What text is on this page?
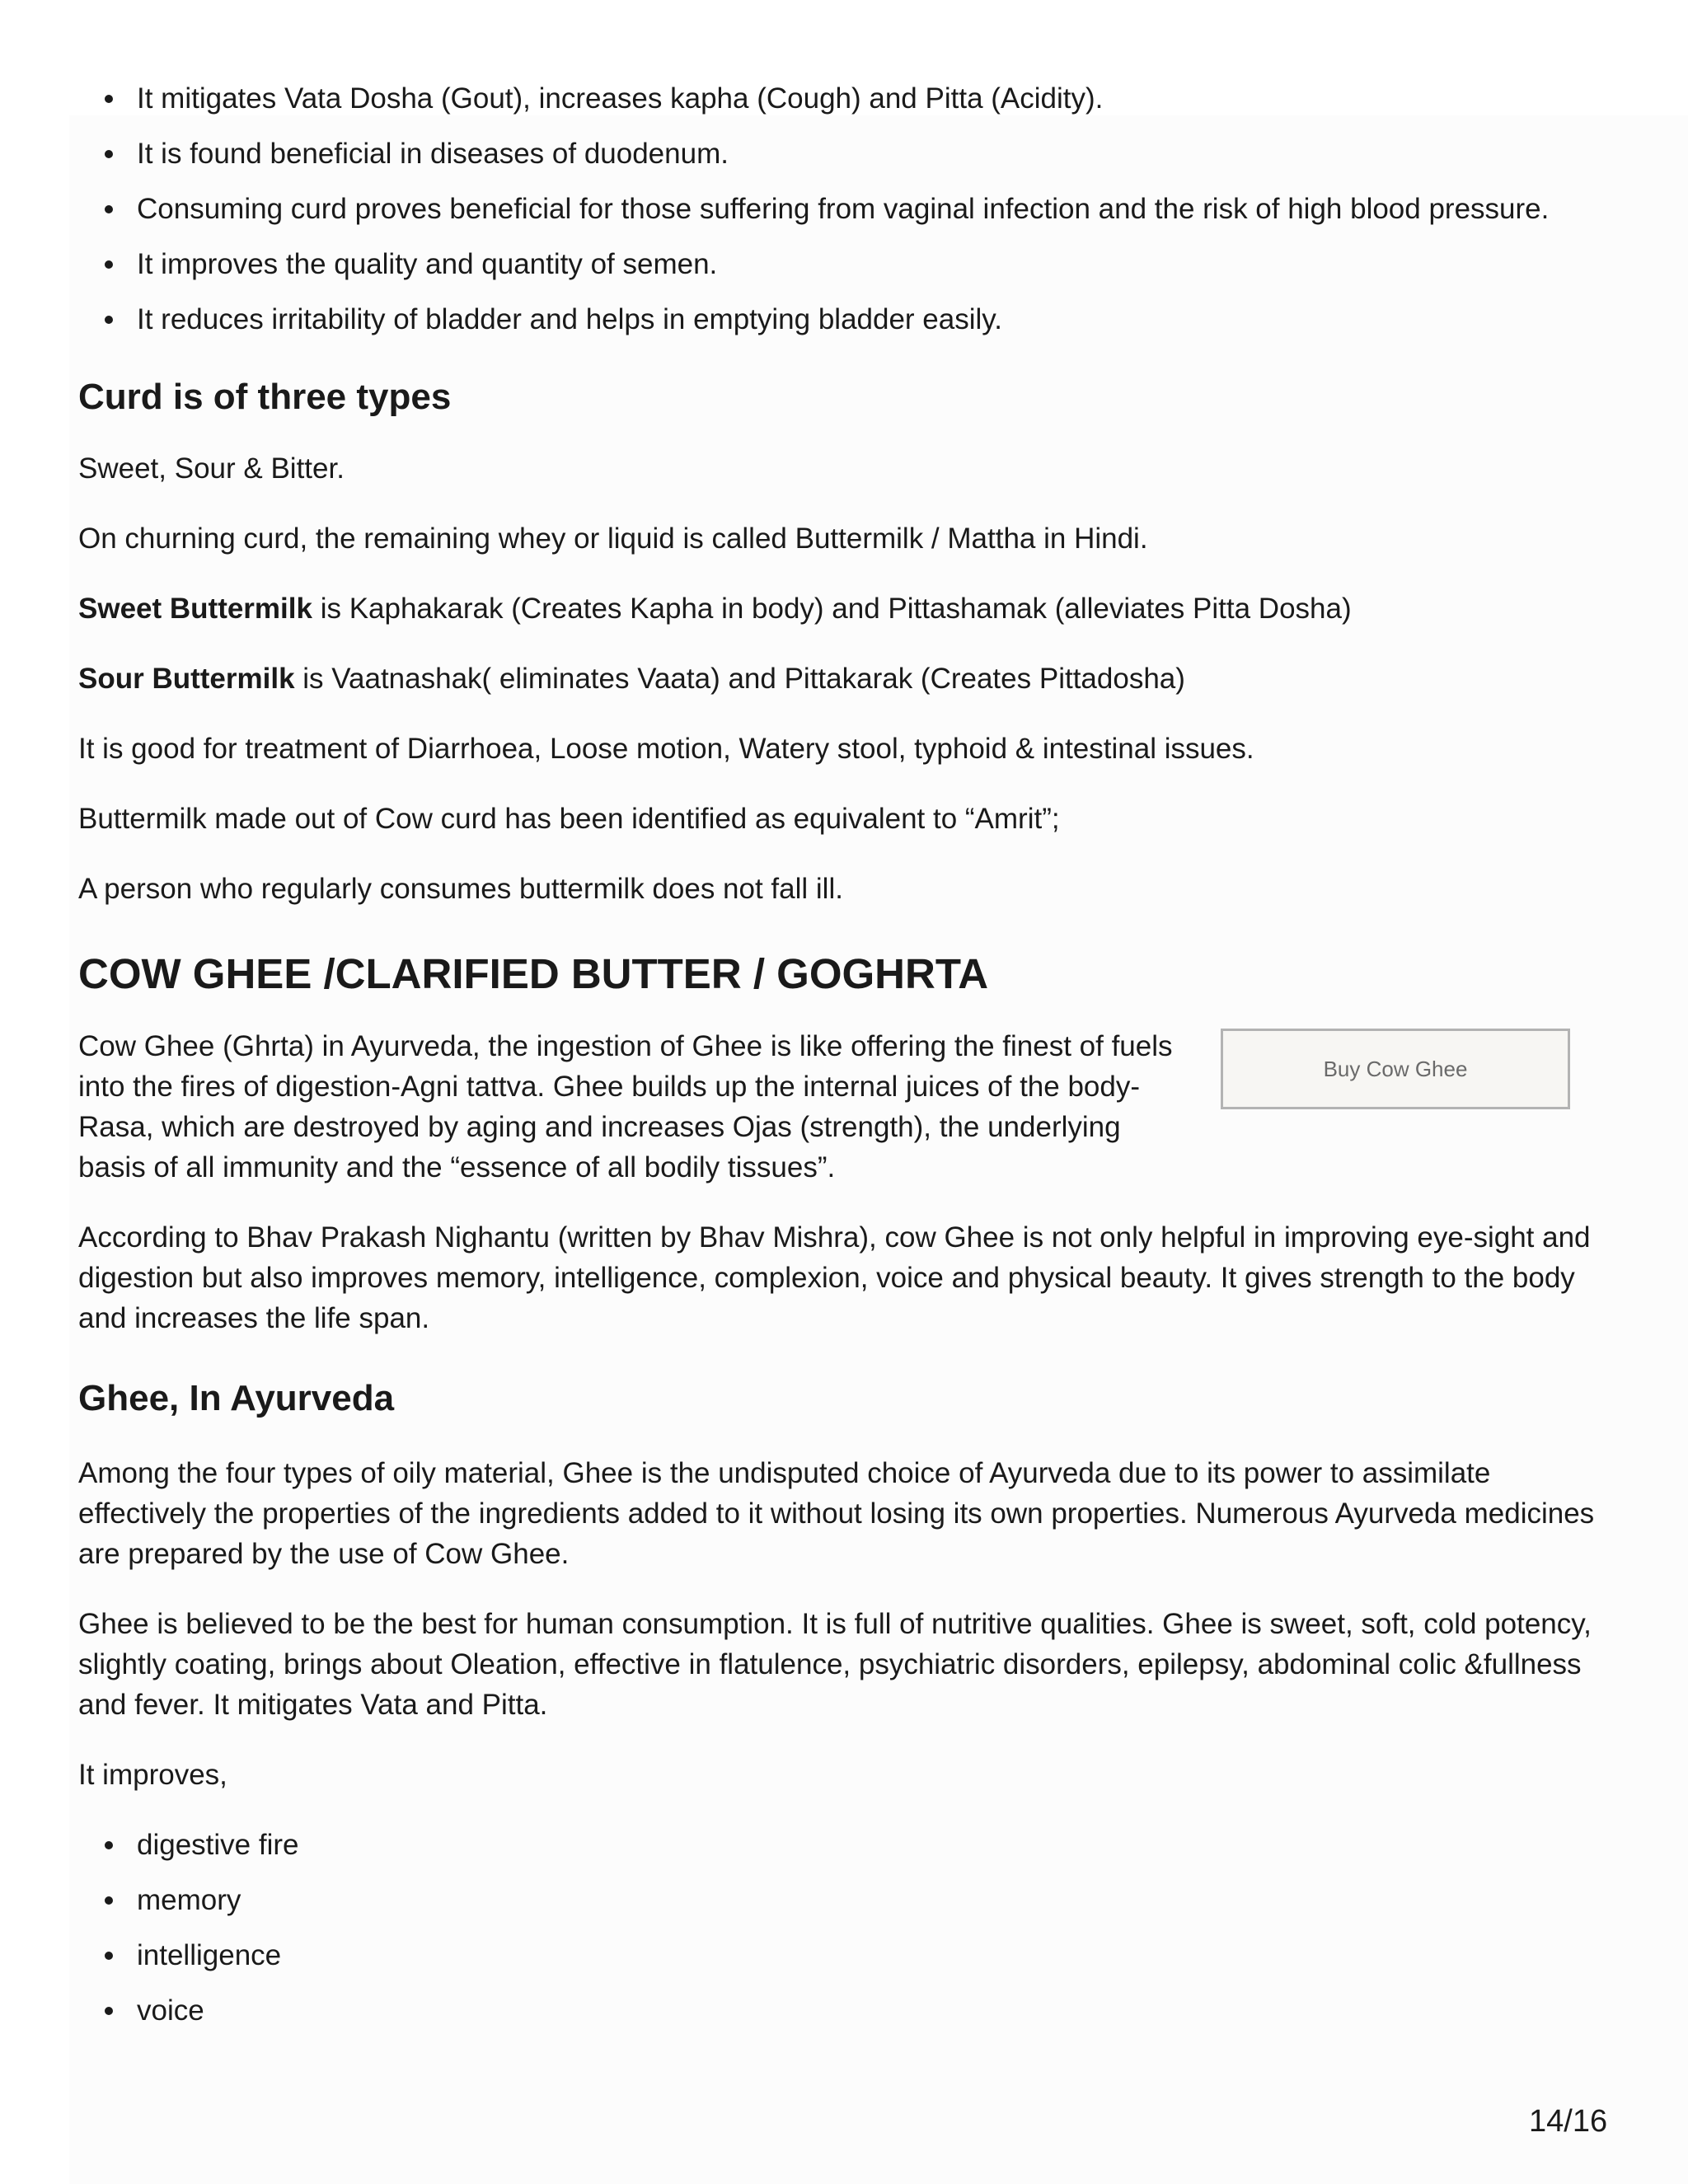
It mitigates Vata Dosha (Gout), increases kapha (Cough) and Pitta (Acidity).
It is found beneficial in diseases of duodenum.
Consuming curd proves beneficial for those suffering from vaginal infection and the risk of high blood pressure.
It improves the quality and quantity of semen.
It reduces irritability of bladder and helps in emptying bladder easily.
Curd is of three types

Sweet, Sour & Bitter.

On churning curd, the remaining whey or liquid is called Buttermilk / Mattha in Hindi.

Sweet Buttermilk is Kaphakarak (Creates Kapha in body) and Pittashamak (alleviates Pitta Dosha)

Sour Buttermilk is Vaatnashak( eliminates Vaata) and Pittakarak (Creates Pittadosha)

It is good for treatment of Diarrhoea, Loose motion, Watery stool, typhoid & intestinal issues.

Buttermilk made out of Cow curd has been identified as equivalent to “Amrit”;

A person who regularly consumes buttermilk does not fall ill.

COW GHEE /CLARIFIED BUTTER / GOGHRTA

Cow Ghee (Ghrta) in Ayurveda, the ingestion of Ghee is like offering the finest of fuels into the fires of digestion-Agni tattva. Ghee builds up the internal juices of the body-Rasa, which are destroyed by aging and increases Ojas (strength), the underlying basis of all immunity and the “essence of all bodily tissues”.

Buy Cow Ghee

According to Bhav Prakash Nighantu (written by Bhav Mishra), cow Ghee is not only helpful in improving eye-sight and digestion but also improves memory, intelligence, complexion, voice and physical beauty. It gives strength to the body and increases the life span.

Ghee, In Ayurveda

Among the four types of oily material, Ghee is the undisputed choice of Ayurveda due to its power to assimilate effectively the properties of the ingredients added to it without losing its own properties. Numerous Ayurveda medicines are prepared by the use of Cow Ghee.

Ghee is believed to be the best for human consumption. It is full of nutritive qualities. Ghee is sweet, soft, cold potency, slightly coating, brings about Oleation, effective in flatulence, psychiatric disorders, epilepsy, abdominal colic &fullness and fever. It mitigates Vata and Pitta.

It improves,

digestive fire
memory
intelligence
voice
14/16
